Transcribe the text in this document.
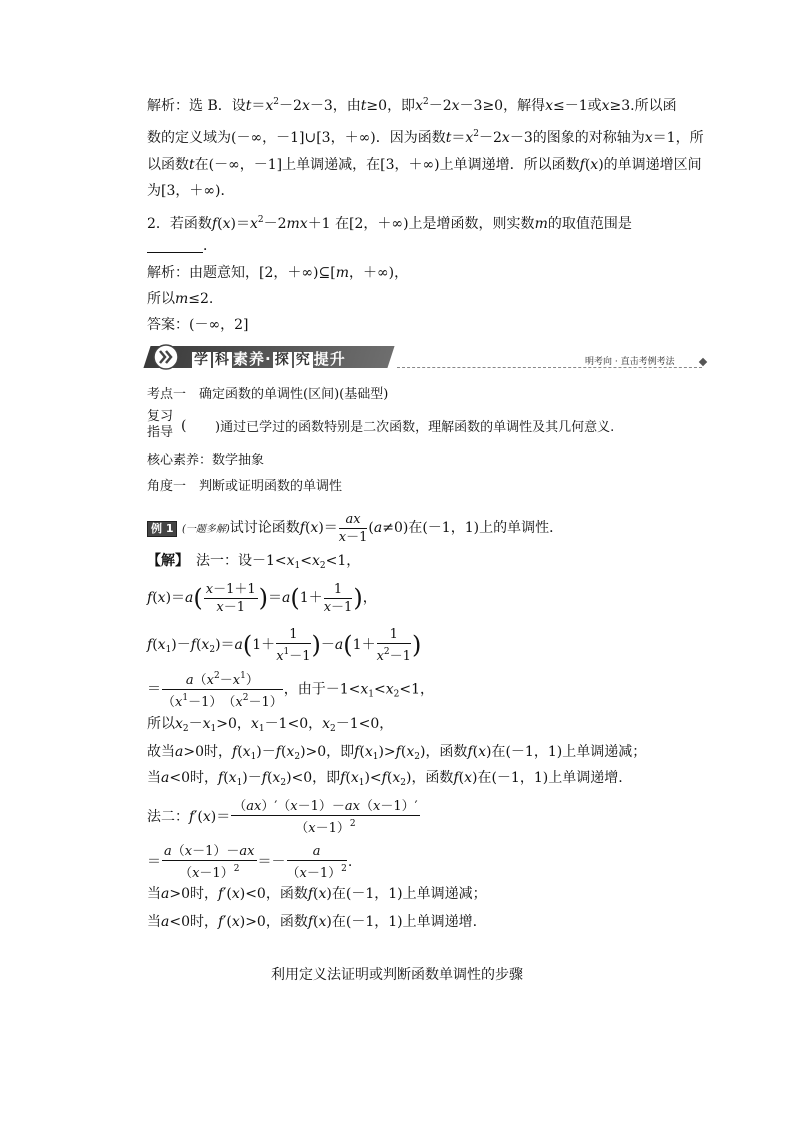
解析：选 B．设$t=x^2-2x-3$，由t≥0，即$x^2-2x-3\ge 0$，解得x≤－1或x≥3.所以函
数的定义域为(－∞，－1]∪[3，＋∞)．因为函数$t=x^2-2x-3$的图象的对称轴为x＝1，所
以函数t在(－∞，－1]上单调递减，在[3，＋∞)上单调递增．所以函数f(x)的单调递增区间
为[3，＋∞)．
2．若函数$f(x)=x^2-2mx+1$ 在[2，＋∞)上是增函数，则实数m的取值范围是
．
解析：由题意知，[2，＋∞)⊆[m，＋∞)，
所以m≤2.
答案：(－∞，2]
学 科 素养· 探 究 提升	明考向 · 直击考例考法
考点一　确定函数的单调性(区间)(基础型)
复习
指导 ( )通过已学过的函数特别是二次函数，理解函数的单调性及其几何意义.
核心素养：数学抽象
角度一　判断或证明函数的单调性
例 1 (一题多解)试讨论函数$f(x)= \frac{ax}{x-1} (a\ne 0)$在(－1，1)上的单调性．
【解】　 法一：设$-1<x_1<x_2<1$，
$f(x)=a( \frac{x-1+1}{x-1} )=a(1+ \frac{1}{x-1}$ )，
$f(x_1)-f(x_2)=a(1+ \frac{1}{x^1-1} )-a(1+ \frac{1}{x^2-1}$ )
＝ $\frac{a(x^2-x^1)}{(x^1-1) (x^2-1)}$ ，由于$-1<x_1<x_2<1$，
所以$x_2-x_1>0$，$x_1-1<0$，$x_2-1<0$，
故当a>0时，$f(x_1)-f(x_2)>0$，即$f(x_1)>f(x_2)$，函数f(x)在(－1，1)上单调递减；
当a<0时，$f(x_1)-f(x_2)<0$，即$f(x_1)<f(x_2)$，函数f(x)在(－1，1)上单调递增.
法二：$f'(x)= \frac{(ax)'(x-1)-ax(x-1)'}{(x-1)^2}$
＝ $\frac{a(x-1)-ax}{(x-1)^2} =- \frac{a}{(x-1)^2}$ .
当a>0时，f′(x)<0，函数f(x)在(－1，1)上单调递减；
当a<0时，f′(x)>0，函数f(x)在(－1，1)上单调递增.
利用定义法证明或判断函数单调性的步骤
